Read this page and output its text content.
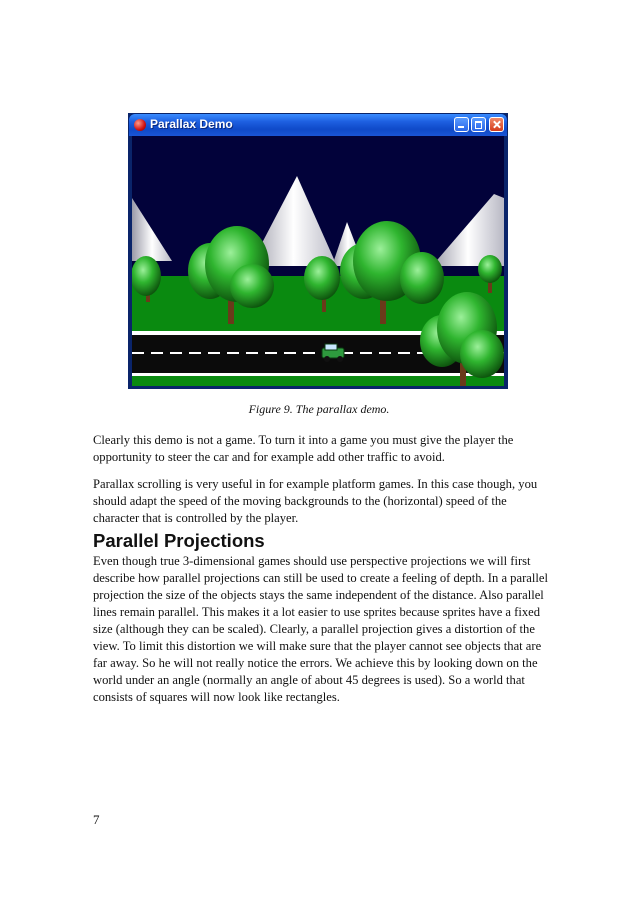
Parallax Demo
Figure 9. The parallax demo.

Clearly this demo is not a game. To turn it into a game you must give the player the opportunity to steer the car and for example add other traffic to avoid.

Parallax scrolling is very useful in for example platform games. In this case though, you should adapt the speed of the moving backgrounds to the (horizontal) speed of the character that is controlled by the player.

Parallel Projections

Even though true 3-dimensional games should use perspective projections we will first describe how parallel projections can still be used to create a feeling of depth. In a parallel projection the size of the objects stays the same independent of the distance. Also parallel lines remain parallel. This makes it a lot easier to use sprites because sprites have a fixed size (although they can be scaled). Clearly, a parallel projection gives a distortion of the view. To limit this distortion we will make sure that the player cannot see objects that are far away. So he will not really notice the errors. We achieve this by looking down on the world under an angle (normally an angle of about 45 degrees is used). So a world that consists of squares will now look like rectangles.

7
